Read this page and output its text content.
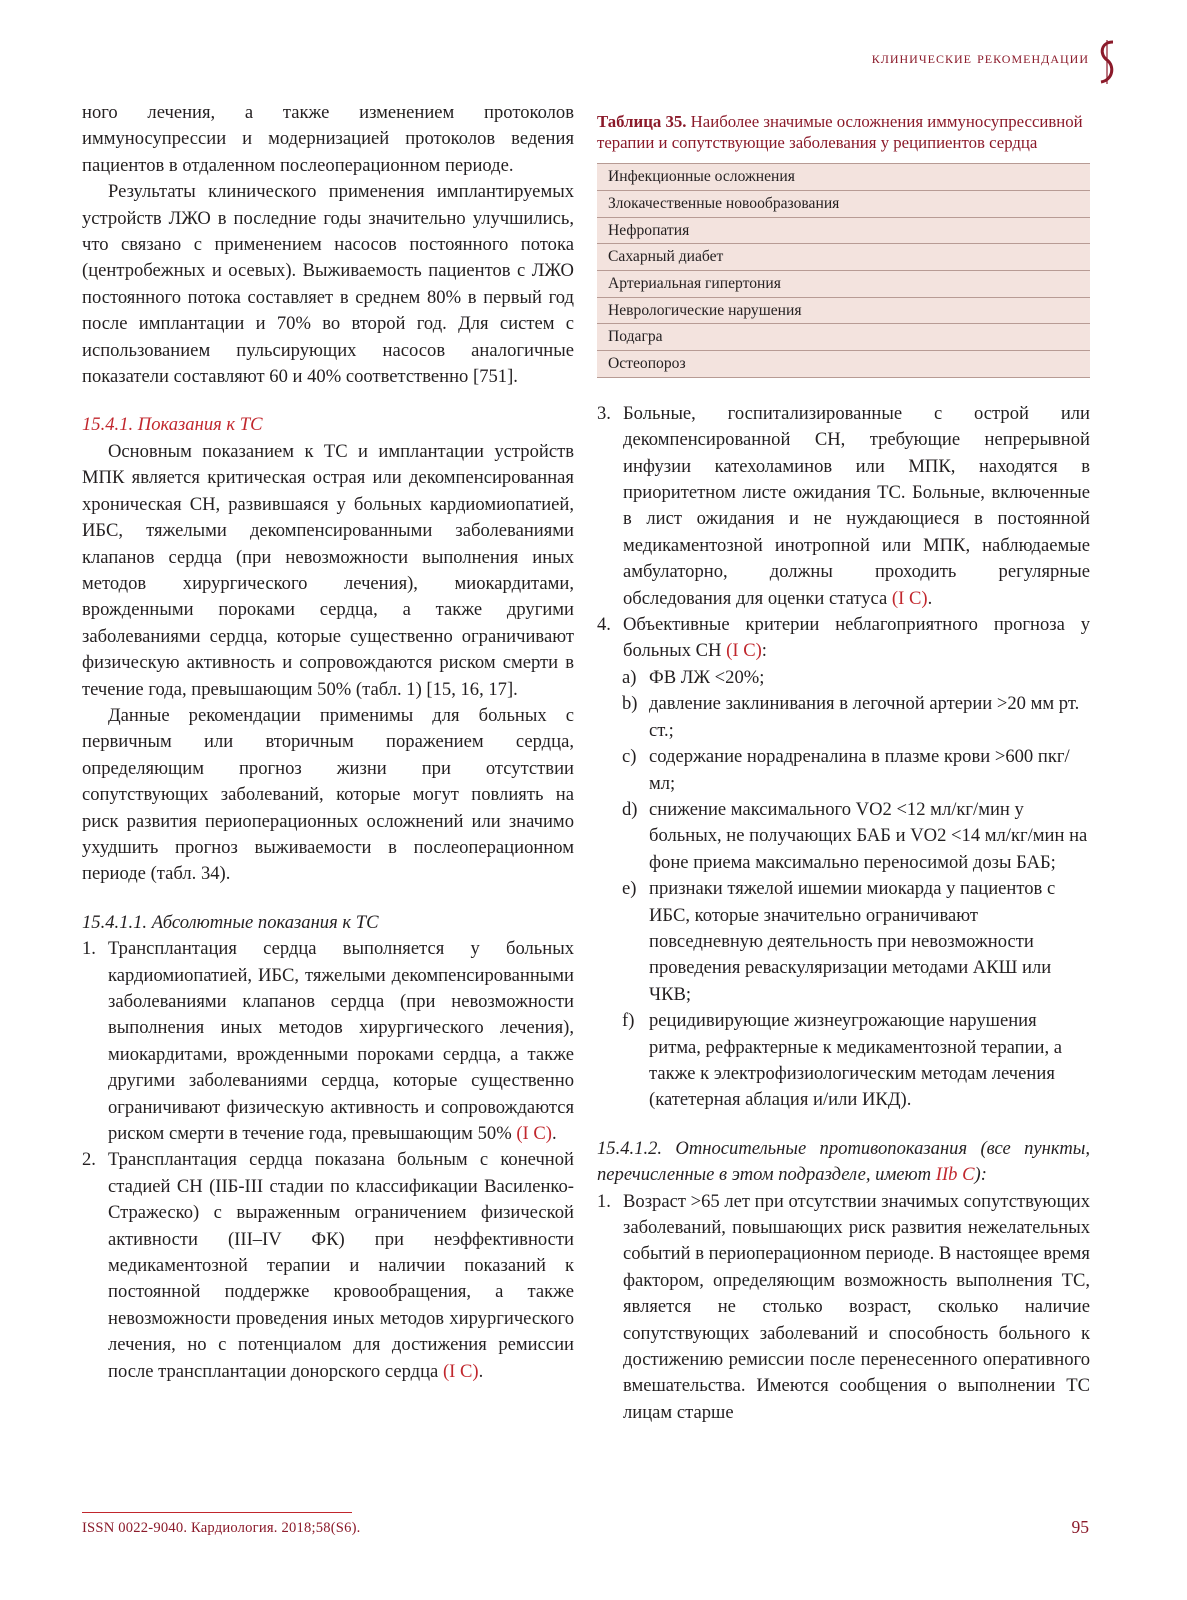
клинические рекомендации

ного лечения, а также изменением протоколов иммуносупрессии и модернизацией протоколов ведения пациентов в отдаленном послеоперационном периоде.

Результаты клинического применения имплантируемых устройств ЛЖО в последние годы значительно улучшились, что связано с применением насосов постоянного потока (центробежных и осевых). Выживаемость пациентов с ЛЖО постоянного потока составляет в среднем 80% в первый год после имплантации и 70% во второй год. Для систем с использованием пульсирующих насосов аналогичные показатели составляют 60 и 40% соответственно [751].

15.4.1. Показания к ТС

Основным показанием к ТС и имплантации устройств МПК является критическая острая или декомпенсированная хроническая СН, развившаяся у больных кардиомиопатией, ИБС, тяжелыми декомпенсированными заболеваниями клапанов сердца (при невозможности выполнения иных методов хирургического лечения), миокардитами, врожденными пороками сердца, а также другими заболеваниями сердца, которые существенно ограничивают физическую активность и сопровождаются риском смерти в течение года, превышающим 50% (табл. 1) [15, 16, 17].

Данные рекомендации применимы для больных с первичным или вторичным поражением сердца, определяющим прогноз жизни при отсутствии сопутствующих заболеваний, которые могут повлиять на риск развития периоперационных осложнений или значимо ухудшить прогноз выживаемости в послеоперационном периоде (табл. 34).

15.4.1.1. Абсолютные показания к ТС

1. Трансплантация сердца выполняется у больных кардиомиопатией, ИБС, тяжелыми декомпенсированными заболеваниями клапанов сердца (при невозможности выполнения иных методов хирургического лечения), миокардитами, врожденными пороками сердца, а также другими заболеваниями сердца, которые существенно ограничивают физическую активность и сопровождаются риском смерти в течение года, превышающим 50% (I C).
2. Трансплантация сердца показана больным с конечной стадией СН (IIБ-III стадии по классификации Василенко-Стражеско) с выраженным ограничением физической активности (III–IV ФК) при неэффективности медикаментозной терапии и наличии показаний к постоянной поддержке кровообращения, а также невозможности проведения иных методов хирургического лечения, но с потенциалом для достижения ремиссии после трансплантации донорского сердца (I C).
Таблица 35. Наиболее значимые осложнения иммуносупрессивной терапии и сопутствующие заболевания у реципиентов сердца
Инфекционные осложнения
Злокачественные новообразования
Нефропатия
Сахарный диабет
Артериальная гипертония
Неврологические нарушения
Подагра
Остеопороз
3. Больные, госпитализированные с острой или декомпенсированной СН, требующие непрерывной инфузии катехоламинов или МПК, находятся в приоритетном листе ожидания ТС. Больные, включенные в лист ожидания и не нуждающиеся в постоянной медикаментозной инотропной или МПК, наблюдаемые амбулаторно, должны проходить регулярные обследования для оценки статуса (I C).
4. Объективные критерии неблагоприятного прогноза у больных СН (I C):
a) ФВ ЛЖ <20%;
b) давление заклинивания в легочной артерии >20 мм рт. ст.;
c) содержание норадреналина в плазме крови >600 пкг/мл;
d) снижение максимального VO2 <12 мл/кг/мин у больных, не получающих БАБ и VO2 <14 мл/кг/мин на фоне приема максимально переносимой дозы БАБ;
e) признаки тяжелой ишемии миокарда у пациентов с ИБС, которые значительно ограничивают повседневную деятельность при невозможности проведения реваскуляризации методами АКШ или ЧКВ;
f) рецидивирующие жизнеугрожающие нарушения ритма, рефрактерные к медикаментозной терапии, а также к электрофизиологическим методам лечения (катетерная аблация и/или ИКД).

15.4.1.2. Относительные противопоказания (все пункты, перечисленные в этом подразделе, имеют IIb C):

1. Возраст >65 лет при отсутствии значимых сопутствующих заболеваний, повышающих риск развития нежелательных событий в периоперационном периоде. В настоящее время фактором, определяющим возможность выполнения ТС, является не столько возраст, сколько наличие сопутствующих заболеваний и способность больного к достижению ремиссии после перенесенного оперативного вмешательства. Имеются сообщения о выполнении ТС лицам старше
ISSN 0022-9040. Кардиология. 2018;58(S6).	95
